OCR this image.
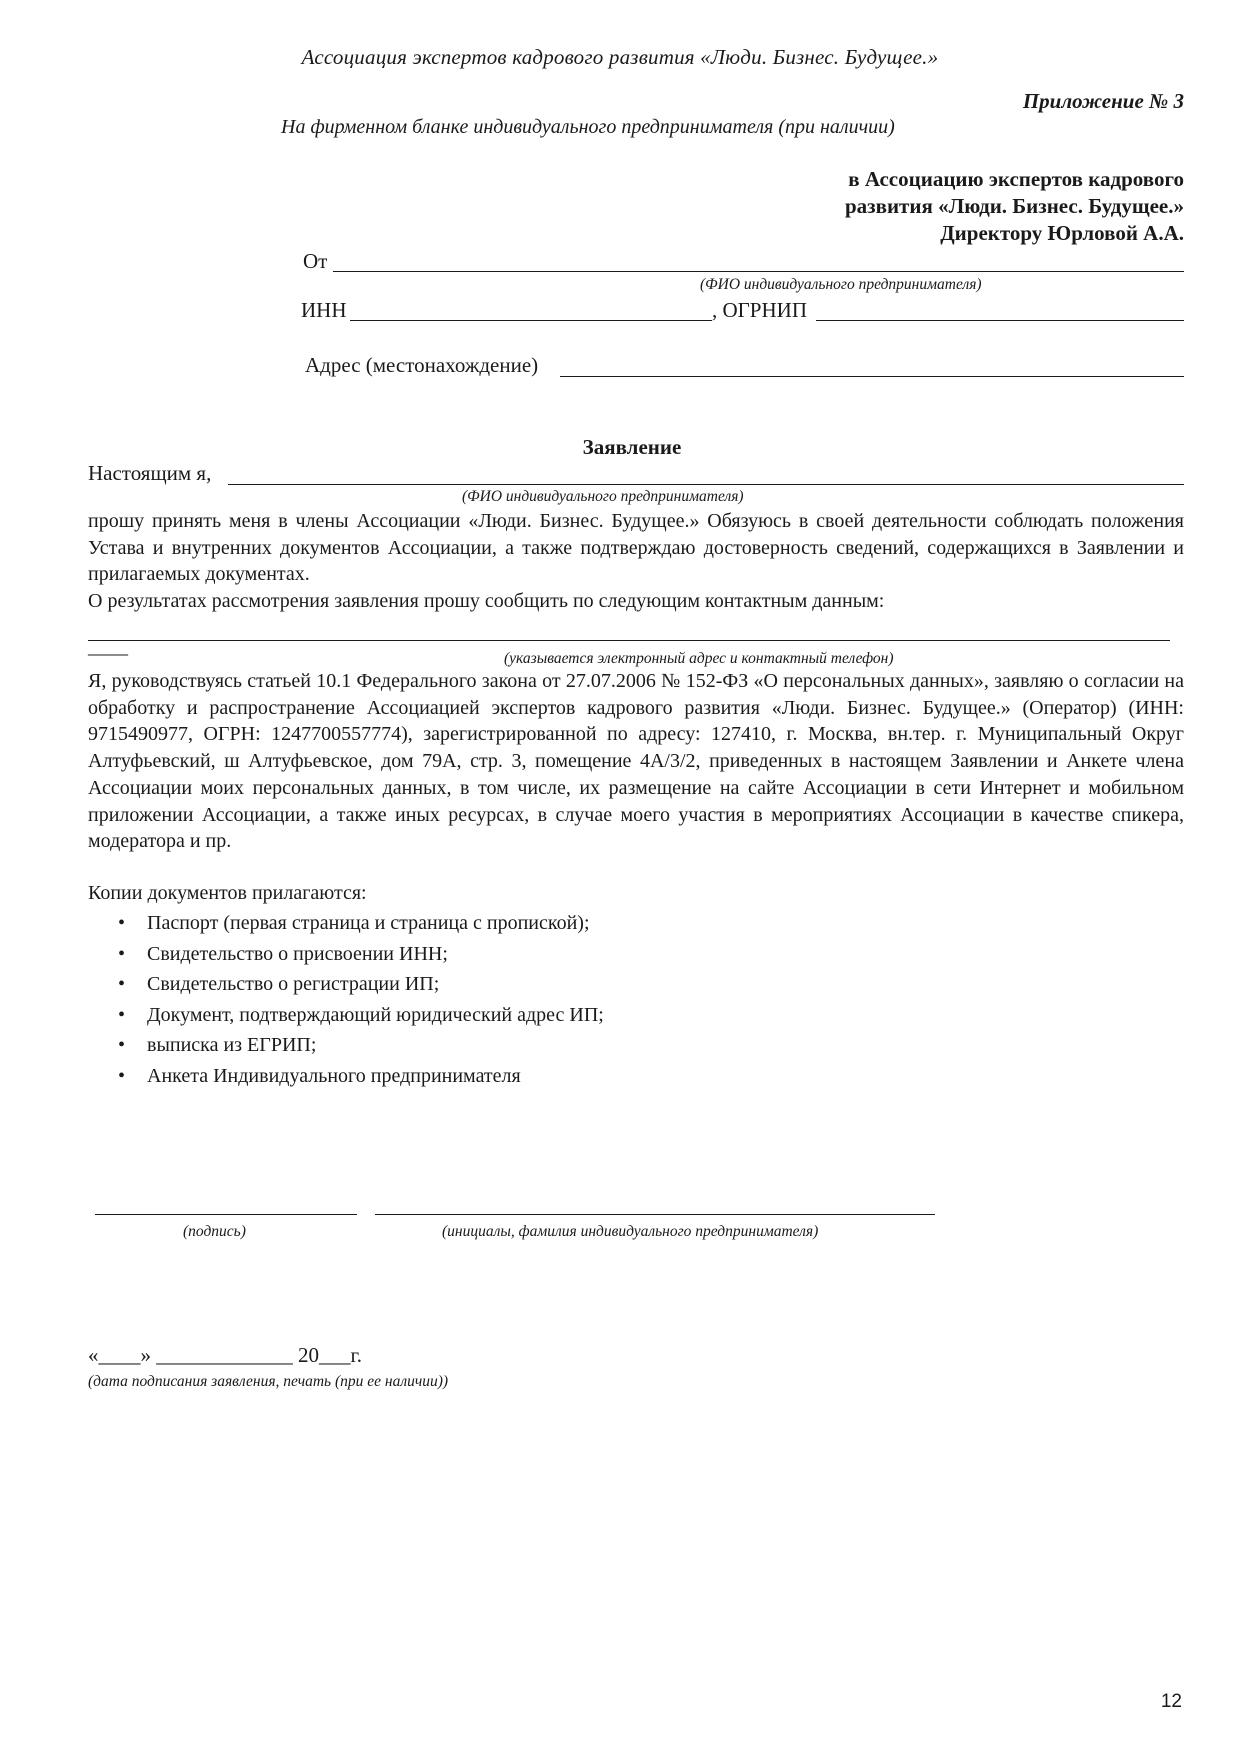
Ассоциация экспертов кадрового развития «Люди. Бизнес. Будущее.»
Приложение № 3
На фирменном бланке индивидуального предпринимателя (при наличии)
в Ассоциацию экспертов кадрового
развития «Люди. Бизнес. Будущее.»
Директору Юрловой А.А.
От
(ФИО индивидуального предпринимателя)
ИНН	, ОГРНИП
Адрес (местонахождение)
Заявление
Настоящим я,
(ФИО индивидуального предпринимателя)

прошу принять меня в члены Ассоциации «Люди. Бизнес. Будущее.» Обязуюсь в своей деятельности соблюдать положения Устава и внутренних документов Ассоциации, а также подтверждаю достоверность сведений, содержащихся в Заявлении и прилагаемых документах.

О результатах рассмотрения заявления прошу сообщить по следующим контактным данным:
____
(указывается электронный адрес и контактный телефон)

Я, руководствуясь статьей 10.1 Федерального закона от 27.07.2006 № 152-ФЗ «О персональных данных», заявляю о согласии на обработку и распространение Ассоциацией экспертов кадрового развития «Люди. Бизнес. Будущее.» (Оператор) (ИНН: 9715490977, ОГРН: 1247700557774), зарегистрированной по адресу: 127410, г. Москва, вн.тер. г. Муниципальный Округ Алтуфьевский, ш Алтуфьевское, дом 79А, стр. 3, помещение 4А/3/2, приведенных в настоящем Заявлении и Анкете члена Ассоциации моих персональных данных, в том числе, их размещение на сайте Ассоциации в сети Интернет и мобильном приложении Ассоциации, а также иных ресурсах, в случае моего участия в мероприятиях Ассоциации в качестве спикера, модератора и пр.

Копии документов прилагаются:
• Паспорт (первая страница и страница с пропиской);
• Свидетельство о присвоении ИНН;
• Свидетельство о регистрации ИП;
• Документ, подтверждающий юридический адрес ИП;
• выписка из ЕГРИП;
• Анкета Индивидуального предпринимателя
(подпись)	(инициалы, фамилия индивидуального предпринимателя)
«____» _____________ 20___г.
(дата подписания заявления, печать (при ее наличии))
12
